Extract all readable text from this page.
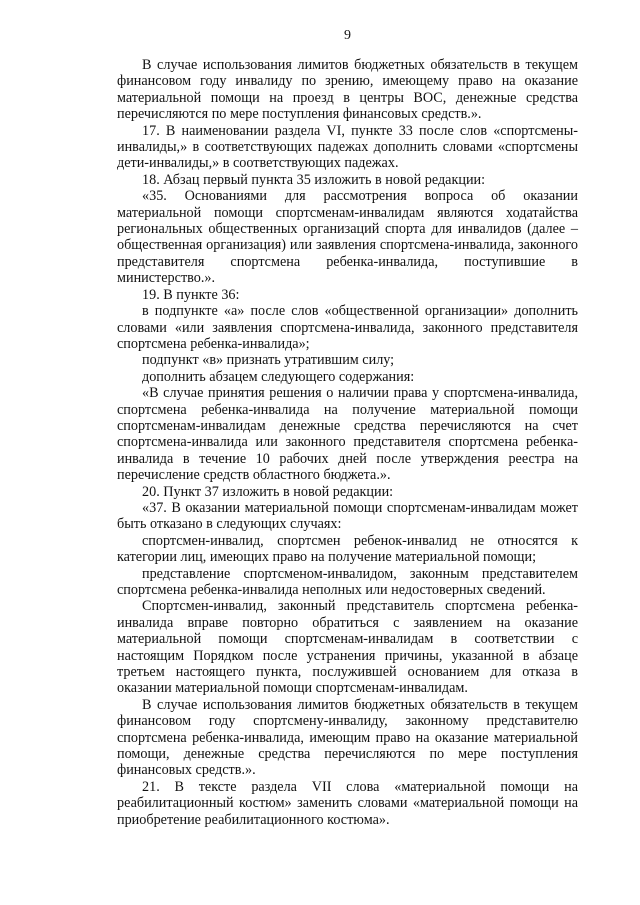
9

В случае использования лимитов бюджетных обязательств в текущем финансовом году инвалиду по зрению, имеющему право на оказание материальной помощи на проезд в центры ВОС, денежные средства перечисляются по мере поступления финансовых средств.».

17. В наименовании раздела VI, пункте 33 после слов «спортсмены-инвалиды,» в соответствующих падежах дополнить словами «спортсмены дети-инвалиды,» в соответствующих падежах.

18. Абзац первый пункта 35 изложить в новой редакции:

«35. Основаниями для рассмотрения вопроса об оказании материальной помощи спортсменам-инвалидам являются ходатайства региональных общественных организаций спорта для инвалидов (далее – общественная организация) или заявления спортсмена-инвалида, законного представителя спортсмена ребенка-инвалида, поступившие в министерство.».

19. В пункте 36:

в подпункте «а» после слов «общественной организации» дополнить словами «или заявления спортсмена-инвалида, законного представителя спортсмена ребенка-инвалида»;

подпункт «в» признать утратившим силу;

дополнить абзацем следующего содержания:

«В случае принятия решения о наличии права у спортсмена-инвалида, спортсмена ребенка-инвалида на получение материальной помощи спортсменам-инвалидам денежные средства перечисляются на счет спортсмена-инвалида или законного представителя спортсмена ребенка-инвалида в течение 10 рабочих дней после утверждения реестра на перечисление средств областного бюджета.».

20. Пункт 37 изложить в новой редакции:

«37. В оказании материальной помощи спортсменам-инвалидам может быть отказано в следующих случаях:

спортсмен-инвалид, спортсмен ребенок-инвалид не относятся к категории лиц, имеющих право на получение материальной помощи;

представление спортсменом-инвалидом, законным представителем спортсмена ребенка-инвалида неполных или недостоверных сведений.

Спортсмен-инвалид, законный представитель спортсмена ребенка-инвалида вправе повторно обратиться с заявлением на оказание материальной помощи спортсменам-инвалидам в соответствии с настоящим Порядком после устранения причины, указанной в абзаце третьем настоящего пункта, послужившей основанием для отказа в оказании материальной помощи спортсменам-инвалидам.

В случае использования лимитов бюджетных обязательств в текущем финансовом году спортсмену-инвалиду, законному представителю спортсмена ребенка-инвалида, имеющим право на оказание материальной помощи, денежные средства перечисляются по мере поступления финансовых средств.».

21. В тексте раздела VII слова «материальной помощи на реабилитационный костюм» заменить словами «материальной помощи на приобретение реабилитационного костюма».
